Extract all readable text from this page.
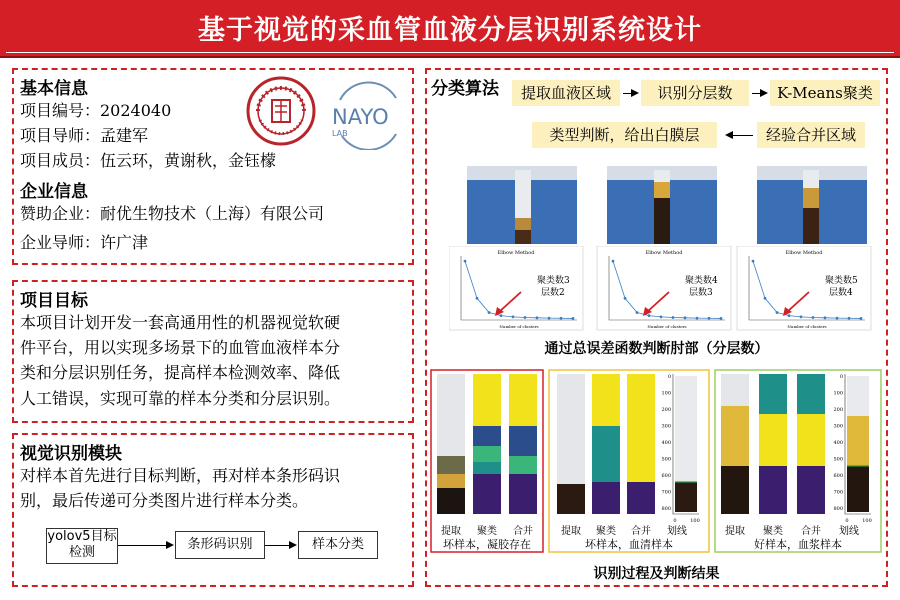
基于视觉的采血管血液分层识别系统设计
基本信息
项目编号：2024040
项目导师：孟建军
项目成员：伍云环，黄谢秋，金钰檬
企业信息
赞助企业：耐优生物技术（上海）有限公司
企业导师：许广津
NAYO
LAB
项目目标
本项目计划开发一套高通用性的机器视觉软硬
件平台，用以实现多场景下的血管血液样本分
类和分层识别任务，提高样本检测效率、降低
人工错误，实现可靠的样本分类和分层识别。
视觉识别模块
对样本首先进行目标判断，再对样本条形码识
别，最后传递可分类图片进行样本分类。
yolov5目标
检测
条形码识别	样本分类
分类算法	提取血液区域	识别分层数	K-Means聚类
经验合并区域
类型判断，给出白膜层
Elbow Method
Number of clusters
聚类数3
层数2
Elbow Method
Number of clusters
聚类数4
层数3
Elbow Method
Number of clusters
聚类数5
层数4
通过总误差函数判断肘部（分层数）
提取 聚类 合并
坏样本，凝胶存在
0
100
200
300
400
500
600
700
800
0	100
提取 聚类 合并 划线
坏样本，血清样本
0
100
200
300
400
500
600
700
800
0	100
提取 聚类 合并 划线
好样本，血浆样本
识别过程及判断结果
